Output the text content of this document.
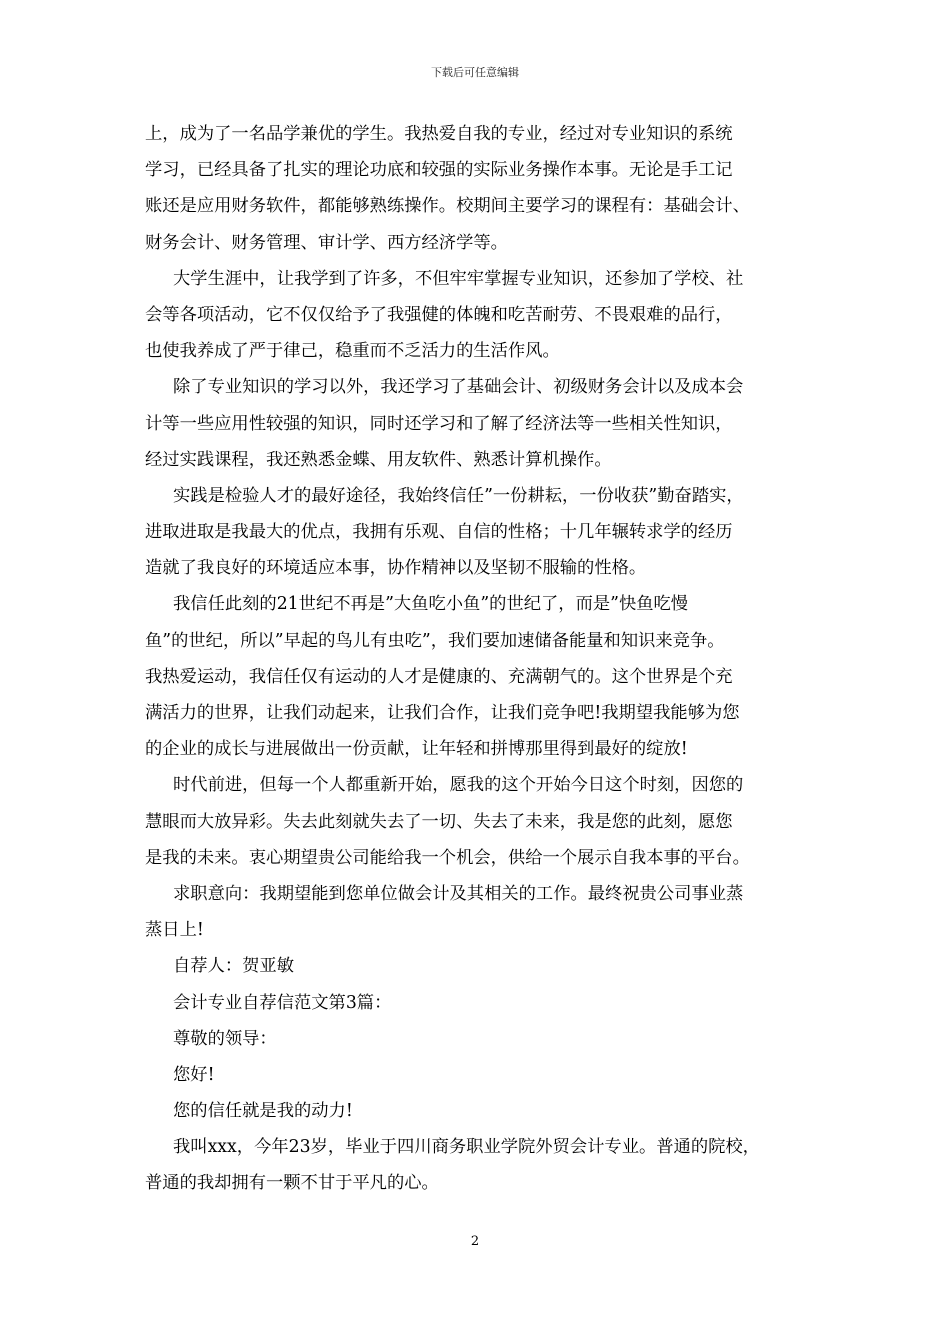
下载后可任意编辑
上，成为了一名品学兼优的学生。我热爱自我的专业，经过对专业知识的系统
学习，已经具备了扎实的理论功底和较强的实际业务操作本事。无论是手工记
账还是应用财务软件，都能够熟练操作。校期间主要学习的课程有：基础会计、
财务会计、财务管理、审计学、西方经济学等。
大学生涯中，让我学到了许多，不但牢牢掌握专业知识，还参加了学校、社
会等各项活动，它不仅仅给予了我强健的体魄和吃苦耐劳、不畏艰难的品行，
也使我养成了严于律己，稳重而不乏活力的生活作风。
除了专业知识的学习以外，我还学习了基础会计、初级财务会计以及成本会
计等一些应用性较强的知识，同时还学习和了解了经济法等一些相关性知识，
经过实践课程，我还熟悉金蝶、用友软件、熟悉计算机操作。
实践是检验人才的最好途径，我始终信任”一份耕耘，一份收获”勤奋踏实，
进取进取是我最大的优点，我拥有乐观、自信的性格；十几年辗转求学的经历
造就了我良好的环境适应本事，协作精神以及坚韧不服输的性格。
我信任此刻的21世纪不再是”大鱼吃小鱼”的世纪了，而是”快鱼吃慢
鱼”的世纪，所以”早起的鸟儿有虫吃”，我们要加速储备能量和知识来竞争。
我热爱运动，我信任仅有运动的人才是健康的、充满朝气的。这个世界是个充
满活力的世界，让我们动起来，让我们合作，让我们竞争吧!我期望我能够为您
的企业的成长与进展做出一份贡献，让年轻和拼博那里得到最好的绽放!
时代前进，但每一个人都重新开始，愿我的这个开始今日这个时刻，因您的
慧眼而大放异彩。失去此刻就失去了一切、失去了未来，我是您的此刻，愿您
是我的未来。衷心期望贵公司能给我一个机会，供给一个展示自我本事的平台。
求职意向：我期望能到您单位做会计及其相关的工作。最终祝贵公司事业蒸
蒸日上!
自荐人：贺亚敏
会计专业自荐信范文第3篇：
尊敬的领导：
您好!
您的信任就是我的动力!
我叫xxx，今年23岁，毕业于四川商务职业学院外贸会计专业。普通的院校，
普通的我却拥有一颗不甘于平凡的心。
2
